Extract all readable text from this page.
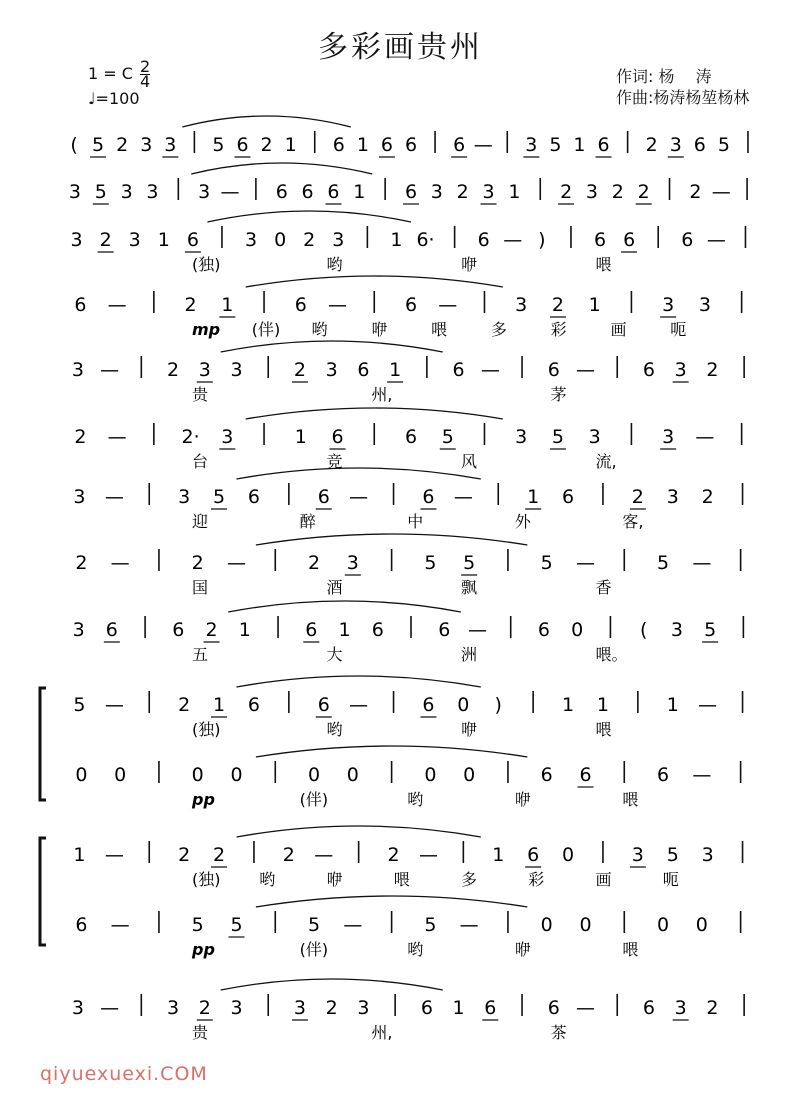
多彩画贵州
1 = C $\frac{2}{4}$

♩=100
作词: 杨　 涛
作曲:杨涛杨堃杨林
( 5 2 3 3 5 6 2 1 6 1 6 6 6 — 3 5 1 6 2 3 6 5
3 5 3 3 3 — 6 6 6 1 6 3 2 3 1 2 3 2 2 2 —
3 2 3 1 6 3 0 2 3 1 6· 6 — )	6 6 6 —
(独)	哟	咿	喂
6 —	2 1	6 —	6 —	3 2 1	3 3
mp (伴) 哟	咿	喂	多	彩	画	呃
3 —	2 3 3	2 3 6 1	6 —	6 —	6 3 2
贵	州,	茅
2 —	2· 3	1 6	6 5	3 5 3	3 —
台	竞	风	流,
3 —	3 5 6	6 —	6 —	1 6	2 3 2
迎	醉	中	外	客,
2 —	2 —	2 3	5 5	5 —	5 —
国	酒	飘	香
3 6	6 2 1	6 1 6	6 —	6 0	( 3 5
五	大	洲	喂。
5 —	2 1 6	6 —	6 0 )	1 1	1 —
(独)	哟	咿	喂
0 0	0 0	0 0	0 0	6 6	6 —
pp	(伴)	哟	咿	喂
1 —	2 2	2 —	2 —	1 6 0	3 5 3
(独) 哟	咿	喂	多	彩	画	呃
6 —	5 5	5 —	5 —	0 0	0 0
pp	(伴)	哟	咿	喂
3 —	3 2 3	3 2 3	6 1 6	6 —	6 3 2
贵	州,	茶
qiyuexuexi.COM
